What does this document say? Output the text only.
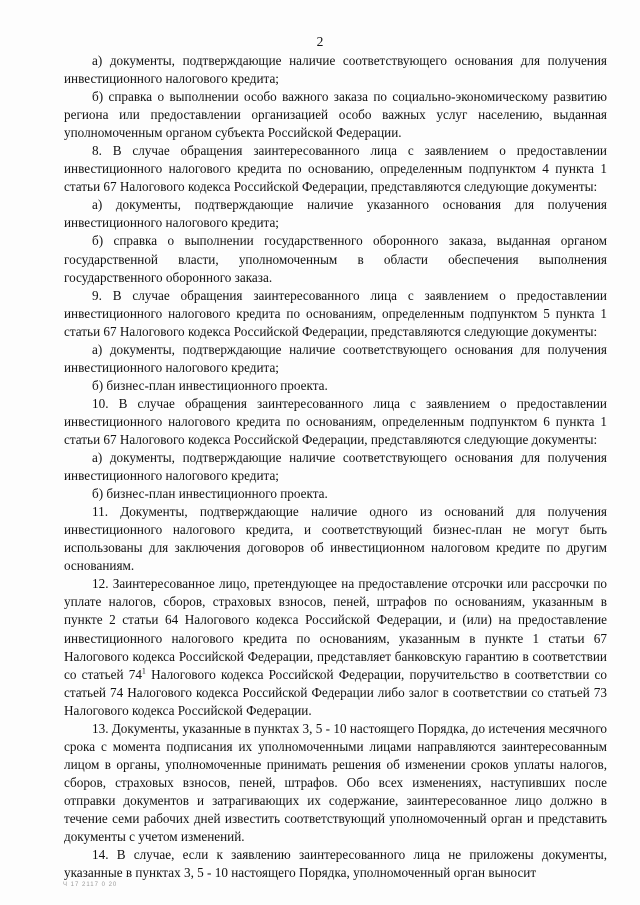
2

а) документы, подтверждающие наличие соответствующего основания для получения инвестиционного налогового кредита;

б) справка о выполнении особо важного заказа по социально-экономическому развитию региона или предоставлении организацией особо важных услуг населению, выданная уполномоченным органом субъекта Российской Федерации.

8. В случае обращения заинтересованного лица с заявлением о предоставлении инвестиционного налогового кредита по основанию, определенным подпунктом 4 пункта 1 статьи 67 Налогового кодекса Российской Федерации, представляются следующие документы:

а) документы, подтверждающие наличие указанного основания для получения инвестиционного налогового кредита;

б) справка о выполнении государственного оборонного заказа, выданная органом государственной власти, уполномоченным в области обеспечения выполнения государственного оборонного заказа.

9. В случае обращения заинтересованного лица с заявлением о предоставлении инвестиционного налогового кредита по основаниям, определенным подпунктом 5 пункта 1 статьи 67 Налогового кодекса Российской Федерации, представляются следующие документы:

а) документы, подтверждающие наличие соответствующего основания для получения инвестиционного налогового кредита;

б) бизнес-план инвестиционного проекта.

10. В случае обращения заинтересованного лица с заявлением о предоставлении инвестиционного налогового кредита по основаниям, определенным подпунктом 6 пункта 1 статьи 67 Налогового кодекса Российской Федерации, представляются следующие документы:

а) документы, подтверждающие наличие соответствующего основания для получения инвестиционного налогового кредита;

б) бизнес-план инвестиционного проекта.

11. Документы, подтверждающие наличие одного из оснований для получения инвестиционного налогового кредита, и соответствующий бизнес-план не могут быть использованы для заключения договоров об инвестиционном налоговом кредите по другим основаниям.

12. Заинтересованное лицо, претендующее на предоставление отсрочки или рассрочки по уплате налогов, сборов, страховых взносов, пеней, штрафов по основаниям, указанным в пункте 2 статьи 64 Налогового кодекса Российской Федерации, и (или) на предоставление инвестиционного налогового кредита по основаниям, указанным в пункте 1 статьи 67 Налогового кодекса Российской Федерации, представляет банковскую гарантию в соответствии со статьей $74^1$ Налогового кодекса Российской Федерации, поручительство в соответствии со статьей 74 Налогового кодекса Российской Федерации либо залог в соответствии со статьей 73 Налогового кодекса Российской Федерации.

13. Документы, указанные в пунктах 3, 5 - 10 настоящего Порядка, до истечения месячного срока с момента подписания их уполномоченными лицами направляются заинтересованным лицом в органы, уполномоченные принимать решения об изменении сроков уплаты налогов, сборов, страховых взносов, пеней, штрафов. Обо всех изменениях, наступивших после отправки документов и затрагивающих их содержание, заинтересованное лицо должно в течение семи рабочих дней известить соответствующий уполномоченный орган и представить документы с учетом изменений.

14. В случае, если к заявлению заинтересованного лица не приложены документы, указанные в пунктах 3, 5 - 10 настоящего Порядка, уполномоченный орган выносит

Ч 17 2117 0 20
